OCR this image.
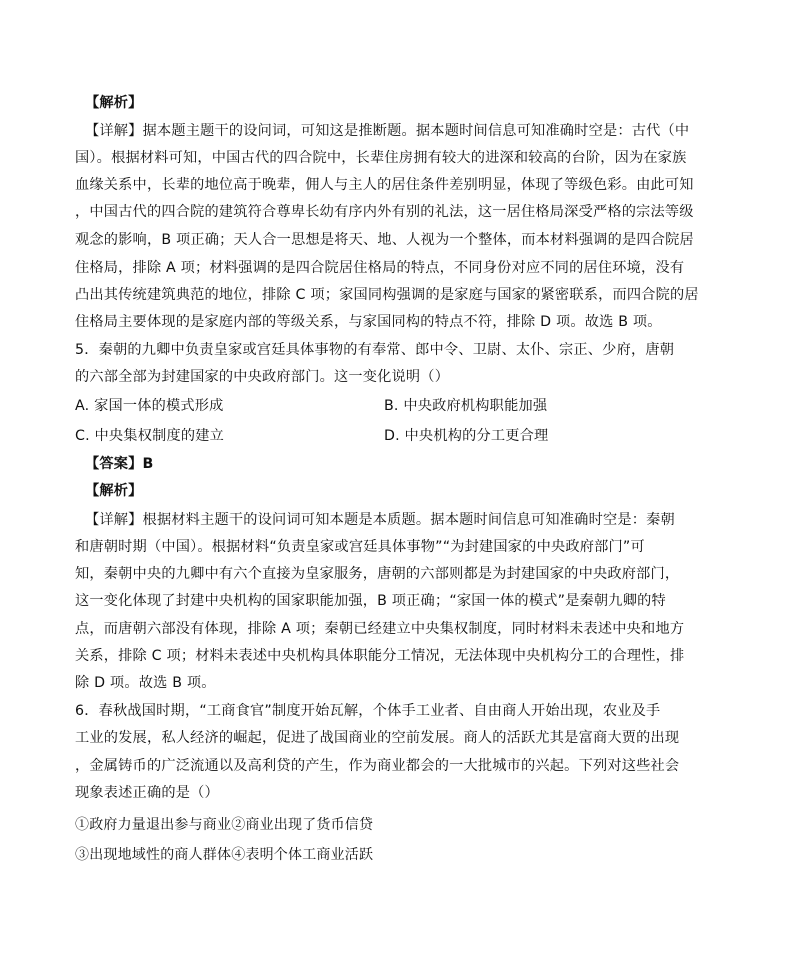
【解析】
【详解】据本题主题干的设问词，可知这是推断题。据本题时间信息可知准确时空是：古代（中
国）。根据材料可知，中国古代的四合院中，长辈住房拥有较大的进深和较高的台阶，因为在家族
血缘关系中，长辈的地位高于晚辈，佣人与主人的居住条件差别明显，体现了等级色彩。由此可知
，中国古代的四合院的建筑符合尊卑长幼有序内外有别的礼法，这一居住格局深受严格的宗法等级
观念的影响，B 项正确；天人合一思想是将天、地、人视为一个整体，而本材料强调的是四合院居
住格局，排除 A 项；材料强调的是四合院居住格局的特点，不同身份对应不同的居住环境，没有
凸出其传统建筑典范的地位，排除 C 项；家国同构强调的是家庭与国家的紧密联系，而四合院的居
住格局主要体现的是家庭内部的等级关系，与家国同构的特点不符，排除 D 项。故选 B 项。
5．秦朝的九卿中负责皇家或宫廷具体事物的有奉常、郎中令、卫尉、太仆、宗正、少府，唐朝
的六部全部为封建国家的中央政府部门。这一变化说明（）
A. 家国一体的模式形成	B. 中央政府机构职能加强
C. 中央集权制度的建立	D. 中央机构的分工更合理
【答案】B
【解析】
【详解】根据材料主题干的设问词可知本题是本质题。据本题时间信息可知准确时空是：秦朝
和唐朝时期（中国）。根据材料“负责皇家或宫廷具体事物”“为封建国家的中央政府部门”可
知，秦朝中央的九卿中有六个直接为皇家服务，唐朝的六部则都是为封建国家的中央政府部门，
这一变化体现了封建中央机构的国家职能加强，B 项正确；“家国一体的模式”是秦朝九卿的特
点，而唐朝六部没有体现，排除 A 项；秦朝已经建立中央集权制度，同时材料未表述中央和地方
关系，排除 C 项；材料未表述中央机构具体职能分工情况，无法体现中央机构分工的合理性，排
除 D 项。故选 B 项。
6．春秋战国时期，“工商食官”制度开始瓦解，个体手工业者、自由商人开始出现，农业及手
工业的发展，私人经济的崛起，促进了战国商业的空前发展。商人的活跃尤其是富商大贾的出现
，金属铸币的广泛流通以及高利贷的产生，作为商业都会的一大批城市的兴起。下列对这些社会
现象表述正确的是（）
①政府力量退出参与商业②商业出现了货币信贷
③出现地域性的商人群体④表明个体工商业活跃
